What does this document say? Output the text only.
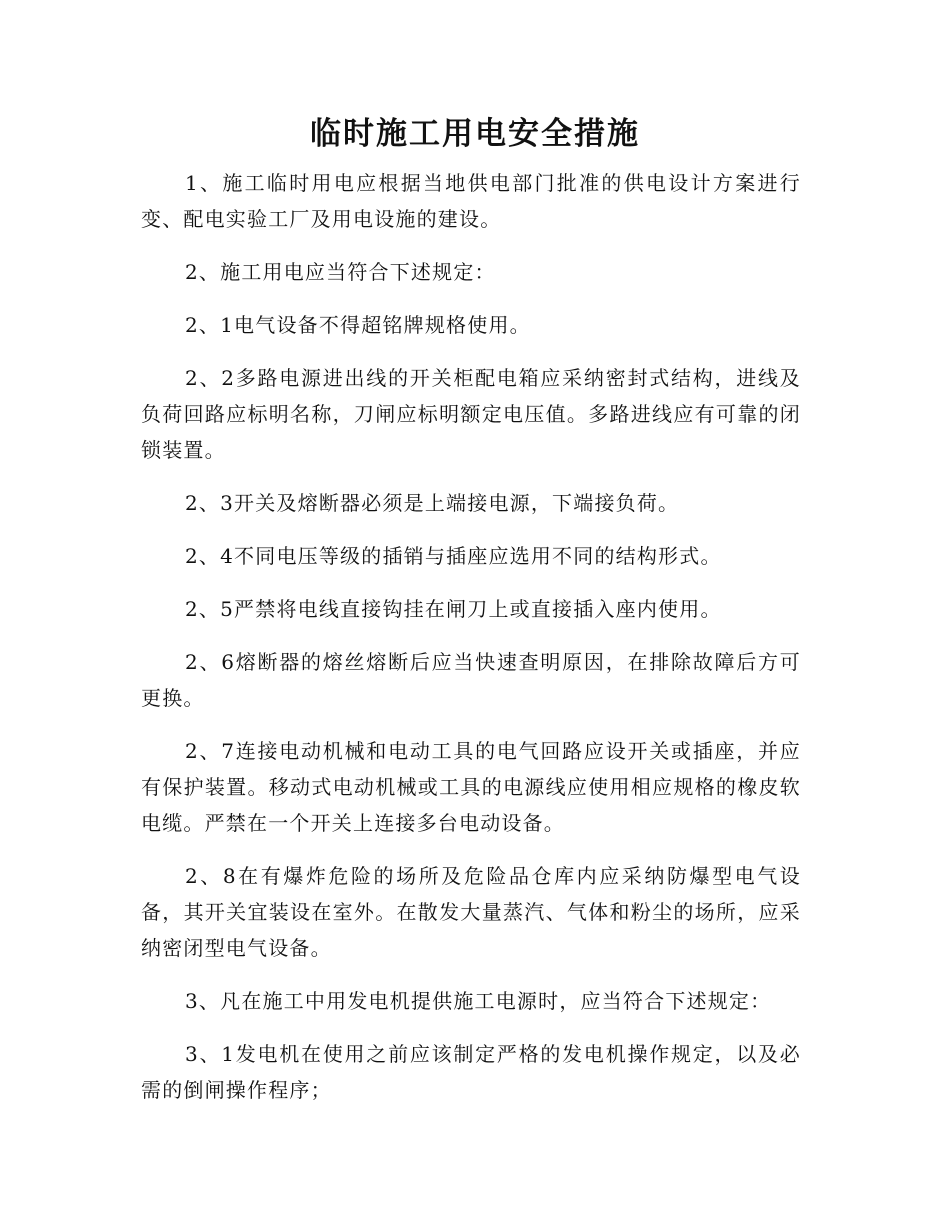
临时施工用电安全措施

1、施工临时用电应根据当地供电部门批准的供电设计方案进行变、配电实验工厂及用电设施的建设。

2、施工用电应当符合下述规定：

2、1电气设备不得超铭牌规格使用。

2、2多路电源进出线的开关柜配电箱应采纳密封式结构，进线及负荷回路应标明名称，刀闸应标明额定电压值。多路进线应有可靠的闭锁装置。

2、3开关及熔断器必须是上端接电源，下端接负荷。

2、4不同电压等级的插销与插座应选用不同的结构形式。

2、5严禁将电线直接钩挂在闸刀上或直接插入座内使用。

2、6熔断器的熔丝熔断后应当快速查明原因，在排除故障后方可更换。

2、7连接电动机械和电动工具的电气回路应设开关或插座，并应有保护装置。移动式电动机械或工具的电源线应使用相应规格的橡皮软电缆。严禁在一个开关上连接多台电动设备。

2、8在有爆炸危险的场所及危险品仓库内应采纳防爆型电气设备，其开关宜装设在室外。在散发大量蒸汽、气体和粉尘的场所，应采纳密闭型电气设备。

3、凡在施工中用发电机提供施工电源时，应当符合下述规定：

3、1发电机在使用之前应该制定严格的发电机操作规定，以及必需的倒闸操作程序；
